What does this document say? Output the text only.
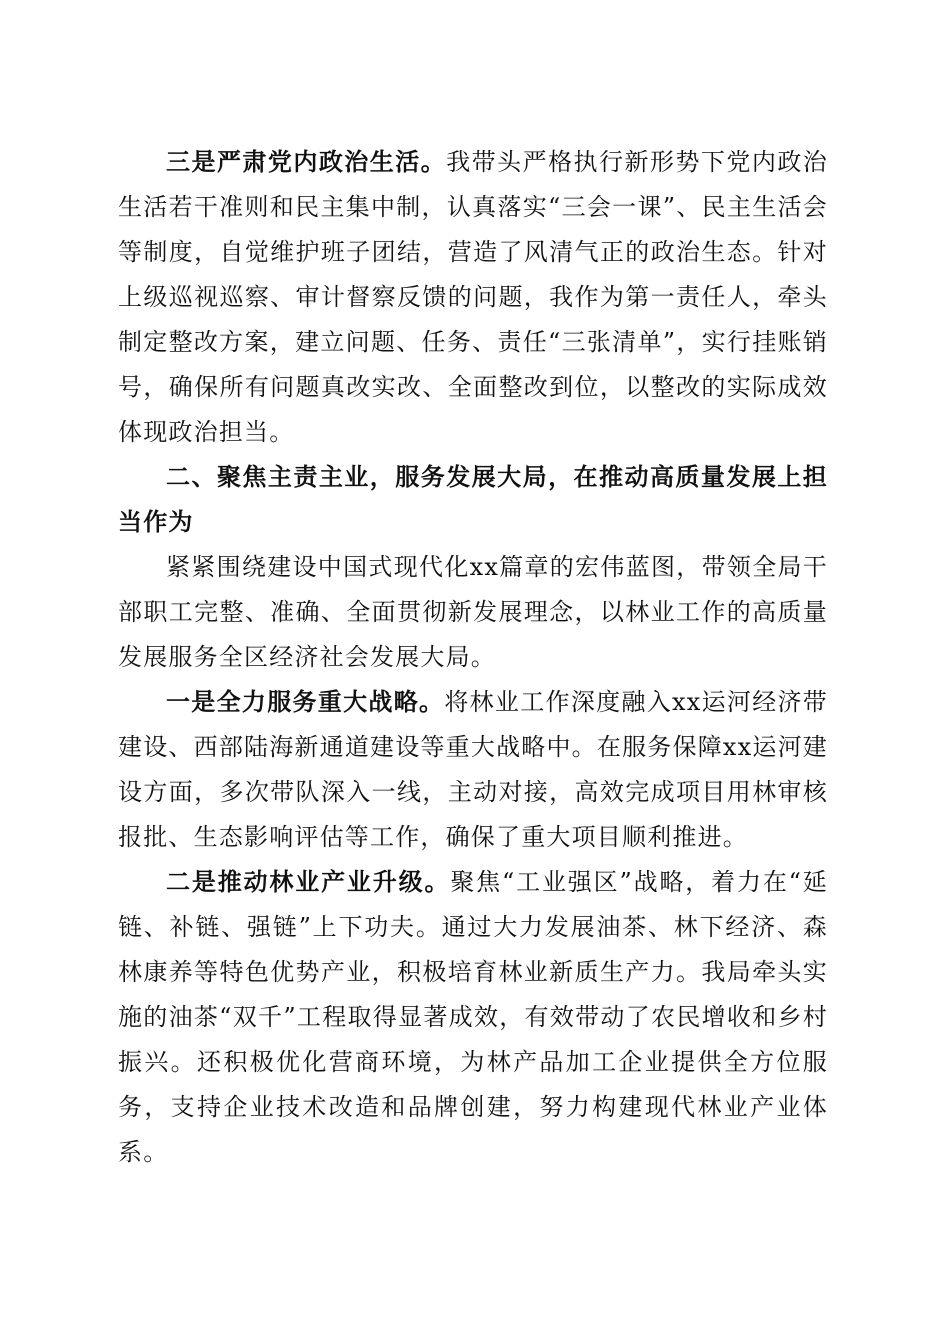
三是严肃党内政治生活。我带头严格执行新形势下党内政治生活若干准则和民主集中制，认真落实“三会一课”、民主生活会等制度，自觉维护班子团结，营造了风清气正的政治生态。针对上级巡视巡察、审计督察反馈的问题，我作为第一责任人，牵头制定整改方案，建立问题、任务、责任“三张清单”，实行挂账销号，确保所有问题真改实改、全面整改到位，以整改的实际成效体现政治担当。

二、聚焦主责主业，服务发展大局，在推动高质量发展上担当作为

紧紧围绕建设中国式现代化xx篇章的宏伟蓝图，带领全局干部职工完整、准确、全面贯彻新发展理念，以林业工作的高质量发展服务全区经济社会发展大局。

一是全力服务重大战略。将林业工作深度融入xx运河经济带建设、西部陆海新通道建设等重大战略中。在服务保障xx运河建设方面，多次带队深入一线，主动对接，高效完成项目用林审核报批、生态影响评估等工作，确保了重大项目顺利推进。

二是推动林业产业升级。聚焦“工业强区”战略，着力在“延链、补链、强链”上下功夫。通过大力发展油茶、林下经济、森林康养等特色优势产业，积极培育林业新质生产力。我局牵头实施的油茶“双千”工程取得显著成效，有效带动了农民增收和乡村振兴。还积极优化营商环境，为林产品加工企业提供全方位服务，支持企业技术改造和品牌创建，努力构建现代林业产业体系。
